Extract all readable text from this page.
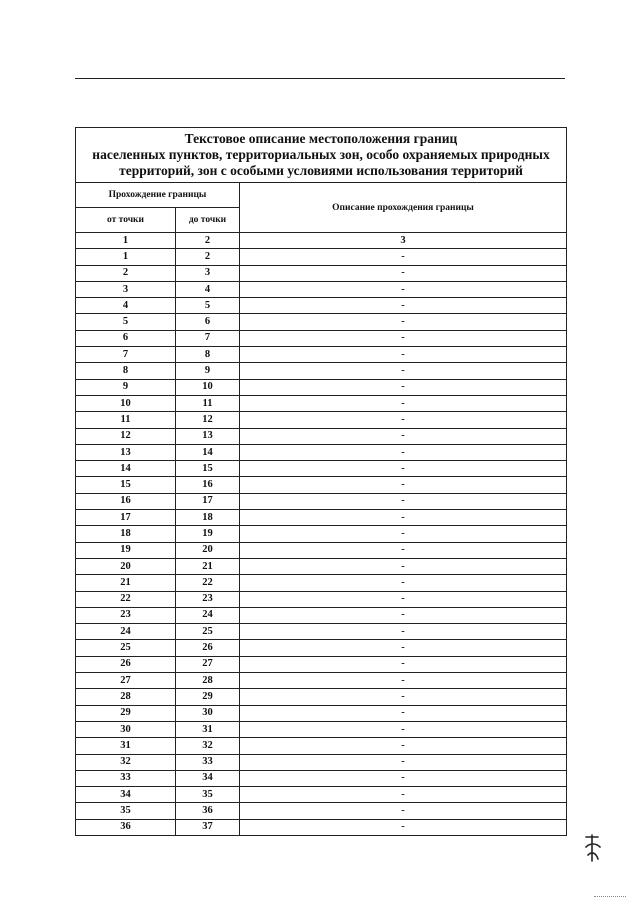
Текстовое описание местоположения границ
населенных пунктов, территориальных зон, особо охраняемых природных
территорий, зон с особыми условиями использования территорий		

Прохождение границы		Описание прохождения границы
от точки	до точки	
1	2	3
1	2	-
2	3	-
3	4	-
4	5	-
5	6	-
6	7	-
7	8	-
8	9	-
9	10	-
10	11	-
11	12	-
12	13	-
13	14	-
14	15	-
15	16	-
16	17	-
17	18	-
18	19	-
19	20	-
20	21	-
21	22	-
22	23	-
23	24	-
24	25	-
25	26	-
26	27	-
27	28	-
28	29	-
29	30	-
30	31	-
31	32	-
32	33	-
33	34	-
34	35	-
35	36	-
36	37	-
